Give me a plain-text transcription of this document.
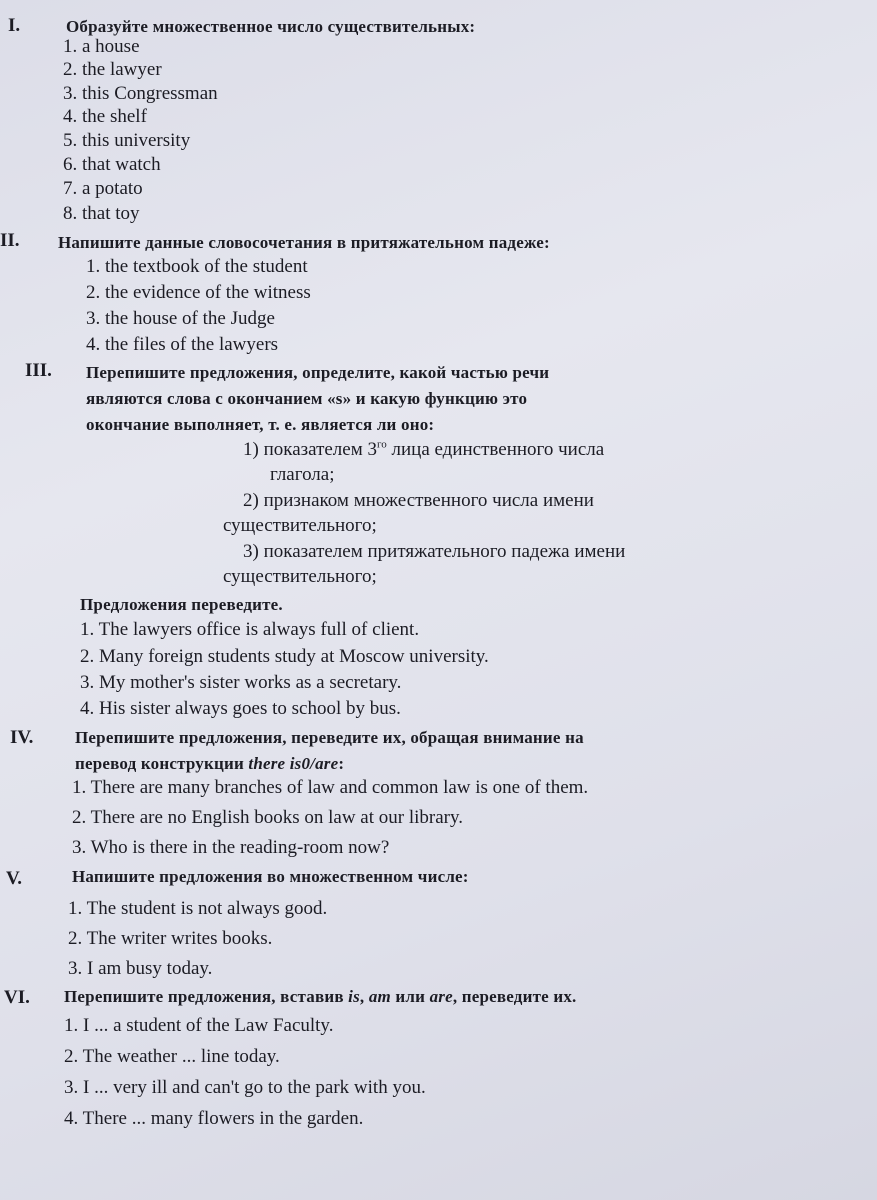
I.	Образуйте множественное число существительных:
1. a house
2. the lawyer
3. this Congressman
4. the shelf
5. this university
6. that watch
7. a potato
8. that toy
II. Напишите данные словосочетания в притяжательном падеже:
1. the textbook of the student
2. the evidence of the witness
3. the house of the Judge
4. the files of the lawyers
III. Перепишите предложения, определите, какой частью речи
являются слова с окончанием «s» и какую функцию это
окончание выполняет, т. е. является ли оно:
1) показателем $3^{го}$ лица единственного числа
глагола;
2) признаком множественного числа имени
существительного;
3) показателем притяжательного падежа имени
существительного;
Предложения переведите.
1. The lawyers office is always full of client.
2. Many foreign students study at Moscow university.
3. My mother's sister works as a secretary.
4. His sister always goes to school by bus.
IV. Перепишите предложения, переведите их, обращая внимание на
перевод конструкции there is0/are:
1. There are many branches of law and common law is one of them.
2. There are no English books on law at our library.
3. Who is there in the reading-room now?
V.	Напишите предложения во множественном числе:
1. The student is not always good.
2. The writer writes books.
3. I am busy today.
VI. Перепишите предложения, вставив is, am или are, переведите их.
1. I ... a student of the Law Faculty.
2. The weather ... line today.
3. I ... very ill and can't go to the park with you.
4. There ... many flowers in the garden.
